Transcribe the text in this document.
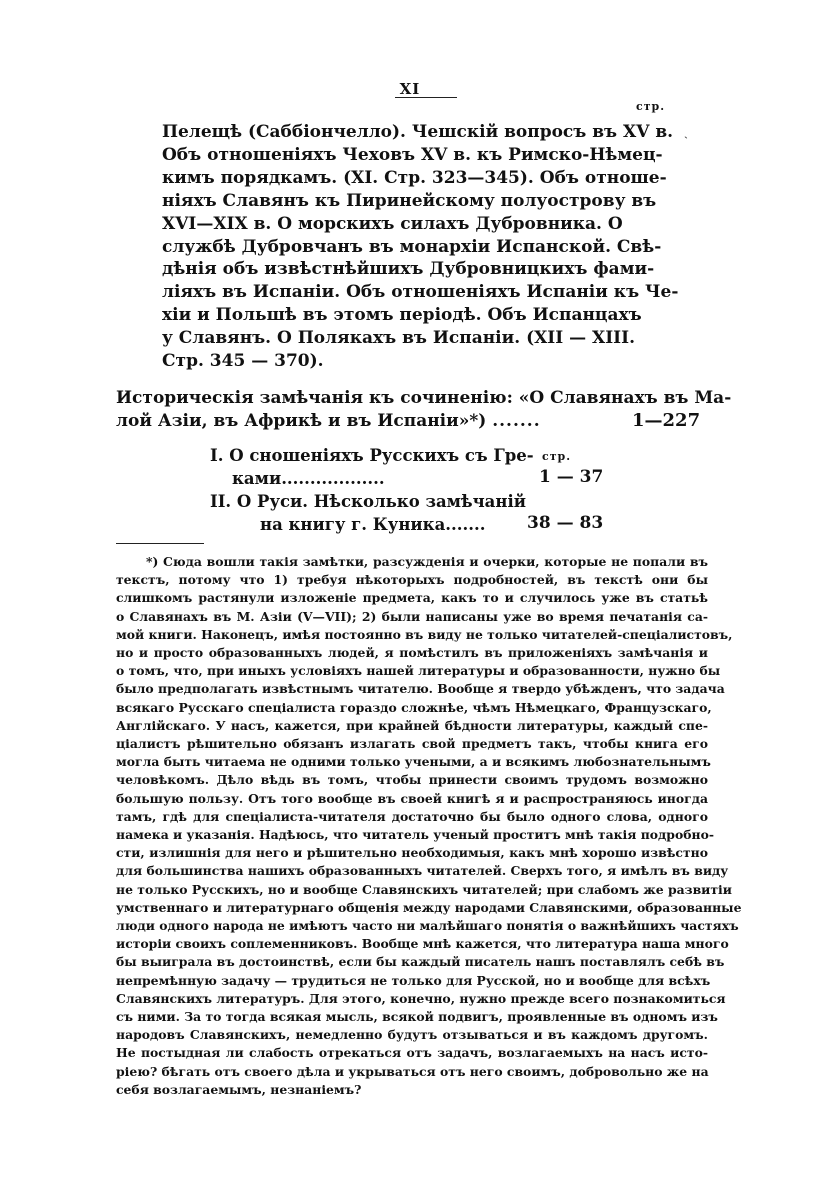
XI
стр.
ˎ
Пелещѣ (Саббіончелло). Чешскій вопросъ въ XV в.
Объ отношеніяхъ Чеховъ XV в. къ Римско-Нѣмец-
кимъ порядкамъ. (XI. Стр. 323—345). Объ отноше-
ніяхъ Славянъ къ Пиринейскому полуострову въ
XVI—XIX в. О морскихъ силахъ Дубровника. О
службѣ Дубровчанъ въ монархіи Испанской. Свѣ-
дѣнія объ извѣстнѣйшихъ Дубровницкихъ фами-
ліяхъ въ Испаніи. Объ отношеніяхъ Испаніи къ Че-
хіи и Польшѣ въ этомъ періодѣ. Объ Испанцахъ
у Славянъ. О Полякахъ въ Испаніи. (XII — XIII.
Стр. 345 — 370).
Историческія замѣчанія къ сочиненію: «О Славянахъ въ Ма-
лой Азіи, въ Африкѣ и въ Испаніи»*) .......	1—227
стр.
I. О сношеніяхъ Русскихъ съ Гре-
ками..................	1 — 37
II. О Руси. Нѣсколько замѣчаній
на книгу г. Куника....... 38 — 83
*) Сюда вошли такія замѣтки, разсужденія и очерки, которые не попали въ
текстъ, потому что 1) требуя нѣкоторыхъ подробностей, въ текстѣ они бы
слишкомъ растянули изложеніе предмета, какъ то и случилось уже въ статьѣ
о Славянахъ въ М. Азіи (V—VII); 2) были написаны уже во время печатанія са-
мой книги. Наконецъ, имѣя постоянно въ виду не только читателей-спеціалистовъ,
но и просто образованныхъ людей, я помѣстилъ въ приложеніяхъ замѣчанія и
о томъ, что, при иныхъ условіяхъ нашей литературы и образованности, нужно бы
было предполагать извѣстнымъ читателю. Вообще я твердо убѣжденъ, что задача
всякаго Русскаго спеціалиста гораздо сложнѣе, чѣмъ Нѣмецкаго, Французскаго,
Англійскаго. У насъ, кажется, при крайней бѣдности литературы, каждый спе-
ціалистъ рѣшительно обязанъ излагать свой предметъ такъ, чтобы книга его
могла быть читаема не одними только учеными, а и всякимъ любознательнымъ
человѣкомъ. Дѣло вѣдь въ томъ, чтобы принести своимъ трудомъ возможно
большую пользу. Отъ того вообще въ своей книгѣ я и распространяюсь иногда
тамъ, гдѣ для спеціалиста-читателя достаточно бы было одного слова, одного
намека и указанія. Надѣюсь, что читатель ученый проститъ мнѣ такія подробно-
сти, излишнія для него и рѣшительно необходимыя, какъ мнѣ хорошо извѣстно
для большинства нашихъ образованныхъ читателей. Сверхъ того, я имѣлъ въ виду
не только Русскихъ, но и вообще Славянскихъ читателей; при слабомъ же развитіи
умственнаго и литературнаго общенія между народами Славянскими, образованные
люди одного народа не имѣютъ часто ни малѣйшаго понятія о важнѣйшихъ частяхъ
исторіи своихъ соплеменниковъ. Вообще мнѣ кажется, что литература наша много
бы выиграла въ достоинствѣ, если бы каждый писатель нашъ поставлялъ себѣ въ
непремѣнную задачу — трудиться не только для Русской, но и вообще для всѣхъ
Славянскихъ литературъ. Для этого, конечно, нужно прежде всего познакомиться
съ ними. За то тогда всякая мысль, всякой подвигъ, проявленные въ одномъ изъ
народовъ Славянскихъ, немедленно будутъ отзываться и въ каждомъ другомъ.
Не постыдная ли слабость отрекаться отъ задачъ, возлагаемыхъ на насъ исто-
ріею? бѣгать отъ своего дѣла и укрываться отъ него своимъ, добровольно же на
себя возлагаемымъ, незнаніемъ?
